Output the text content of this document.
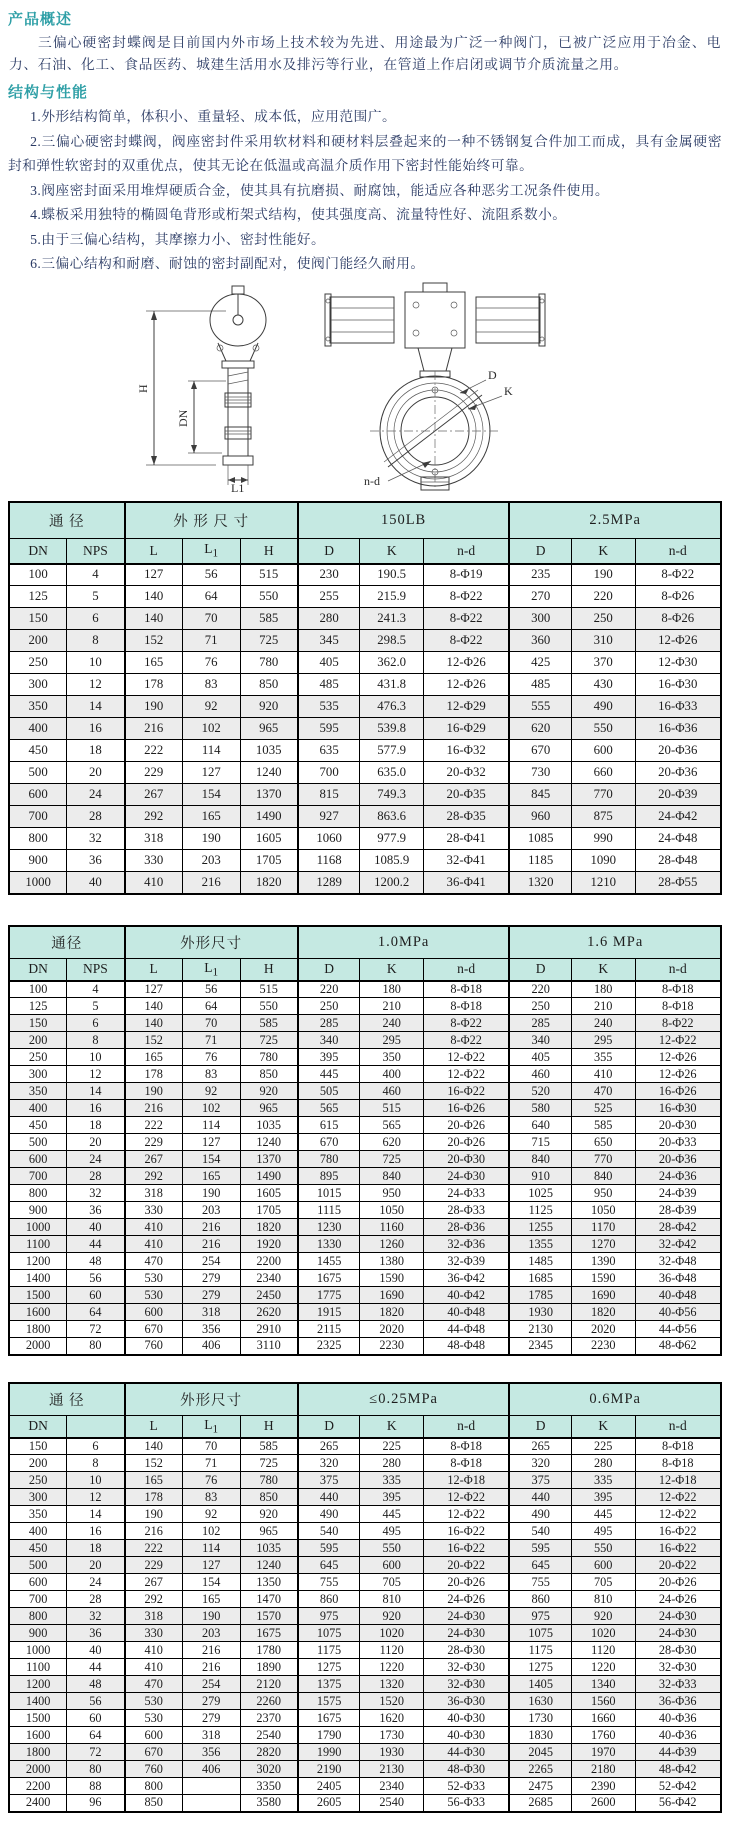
产品概述

三偏心硬密封蝶阀是目前国内外市场上技术较为先进、用途最为广泛一种阀门，已被广泛应用于冶金、电力、石油、化工、食品医药、城建生活用水及排污等行业，在管道上作启闭或调节介质流量之用。

结构与性能

1.外形结构简单，体积小、重量轻、成本低，应用范围广。

2.三偏心硬密封蝶阀，阀座密封件采用软材料和硬材料层叠起来的一种不锈钢复合件加工而成，具有金属硬密封和弹性软密封的双重优点，使其无论在低温或高温介质作用下密封性能始终可靠。

3.阀座密封面采用堆焊硬质合金，使其具有抗磨损、耐腐蚀，能适应各种恶劣工况条件使用。

4.蝶板采用独特的椭圆龟背形或桁架式结构，使其强度高、流量特性好、流阻系数小。

5.由于三偏心结构，其摩擦力小、密封性能好。

6.三偏心结构和耐磨、耐蚀的密封副配对，使阀门能经久耐用。

H
DN
L1
D
K
n-d
通 径		外 形 尺 寸			150LB			2.5MPa		
DN	NPS	L	$L_1$	H	D	K	n-d	D	K	n-d
100	4	127	56	515	230	190.5	8-Φ19	235	190	8-Φ22
125	5	140	64	550	255	215.9	8-Φ22	270	220	8-Φ26
150	6	140	70	585	280	241.3	8-Φ22	300	250	8-Φ26
200	8	152	71	725	345	298.5	8-Φ22	360	310	12-Φ26
250	10	165	76	780	405	362.0	12-Φ26	425	370	12-Φ30
300	12	178	83	850	485	431.8	12-Φ26	485	430	16-Φ30
350	14	190	92	920	535	476.3	12-Φ29	555	490	16-Φ33
400	16	216	102	965	595	539.8	16-Φ29	620	550	16-Φ36
450	18	222	114	1035	635	577.9	16-Φ32	670	600	20-Φ36
500	20	229	127	1240	700	635.0	20-Φ32	730	660	20-Φ36
600	24	267	154	1370	815	749.3	20-Φ35	845	770	20-Φ39
700	28	292	165	1490	927	863.6	28-Φ35	960	875	24-Φ42
800	32	318	190	1605	1060	977.9	28-Φ41	1085	990	24-Φ48
900	36	330	203	1705	1168	1085.9	32-Φ41	1185	1090	28-Φ48
1000	40	410	216	1820	1289	1200.2	36-Φ41	1320	1210	28-Φ55
通径		外形尺寸			1.0MPa			1.6 MPa		
DN	NPS	L	$L_1$	H	D	K	n-d	D	K	n-d
100	4	127	56	515	220	180	8-Φ18	220	180	8-Φ18
125	5	140	64	550	250	210	8-Φ18	250	210	8-Φ18
150	6	140	70	585	285	240	8-Φ22	285	240	8-Φ22
200	8	152	71	725	340	295	8-Φ22	340	295	12-Φ22
250	10	165	76	780	395	350	12-Φ22	405	355	12-Φ26
300	12	178	83	850	445	400	12-Φ22	460	410	12-Φ26
350	14	190	92	920	505	460	16-Φ22	520	470	16-Φ26
400	16	216	102	965	565	515	16-Φ26	580	525	16-Φ30
450	18	222	114	1035	615	565	20-Φ26	640	585	20-Φ30
500	20	229	127	1240	670	620	20-Φ26	715	650	20-Φ33
600	24	267	154	1370	780	725	20-Φ30	840	770	20-Φ36
700	28	292	165	1490	895	840	24-Φ30	910	840	24-Φ36
800	32	318	190	1605	1015	950	24-Φ33	1025	950	24-Φ39
900	36	330	203	1705	1115	1050	28-Φ33	1125	1050	28-Φ39
1000	40	410	216	1820	1230	1160	28-Φ36	1255	1170	28-Φ42
1100	44	410	216	1920	1330	1260	32-Φ36	1355	1270	32-Φ42
1200	48	470	254	2200	1455	1380	32-Φ39	1485	1390	32-Φ48
1400	56	530	279	2340	1675	1590	36-Φ42	1685	1590	36-Φ48
1500	60	530	279	2450	1775	1690	40-Φ42	1785	1690	40-Φ48
1600	64	600	318	2620	1915	1820	40-Φ48	1930	1820	40-Φ56
1800	72	670	356	2910	2115	2020	44-Φ48	2130	2020	44-Φ56
2000	80	760	406	3110	2325	2230	48-Φ48	2345	2230	48-Φ62
通 径		外形尺寸			≤0.25MPa			0.6MPa		
DN		L	$L_1$	H	D	K	n-d	D	K	n-d
150	6	140	70	585	265	225	8-Φ18	265	225	8-Φ18
200	8	152	71	725	320	280	8-Φ18	320	280	8-Φ18
250	10	165	76	780	375	335	12-Φ18	375	335	12-Φ18
300	12	178	83	850	440	395	12-Φ22	440	395	12-Φ22
350	14	190	92	920	490	445	12-Φ22	490	445	12-Φ22
400	16	216	102	965	540	495	16-Φ22	540	495	16-Φ22
450	18	222	114	1035	595	550	16-Φ22	595	550	16-Φ22
500	20	229	127	1240	645	600	20-Φ22	645	600	20-Φ22
600	24	267	154	1350	755	705	20-Φ26	755	705	20-Φ26
700	28	292	165	1470	860	810	24-Φ26	860	810	24-Φ26
800	32	318	190	1570	975	920	24-Φ30	975	920	24-Φ30
900	36	330	203	1675	1075	1020	24-Φ30	1075	1020	24-Φ30
1000	40	410	216	1780	1175	1120	28-Φ30	1175	1120	28-Φ30
1100	44	410	216	1890	1275	1220	32-Φ30	1275	1220	32-Φ30
1200	48	470	254	2120	1375	1320	32-Φ30	1405	1340	32-Φ33
1400	56	530	279	2260	1575	1520	36-Φ30	1630	1560	36-Φ36
1500	60	530	279	2370	1675	1620	40-Φ30	1730	1660	40-Φ36
1600	64	600	318	2540	1790	1730	40-Φ30	1830	1760	40-Φ36
1800	72	670	356	2820	1990	1930	44-Φ30	2045	1970	44-Φ39
2000	80	760	406	3020	2190	2130	48-Φ30	2265	2180	48-Φ42
2200	88	800		3350	2405	2340	52-Φ33	2475	2390	52-Φ42
2400	96	850		3580	2605	2540	56-Φ33	2685	2600	56-Φ42
